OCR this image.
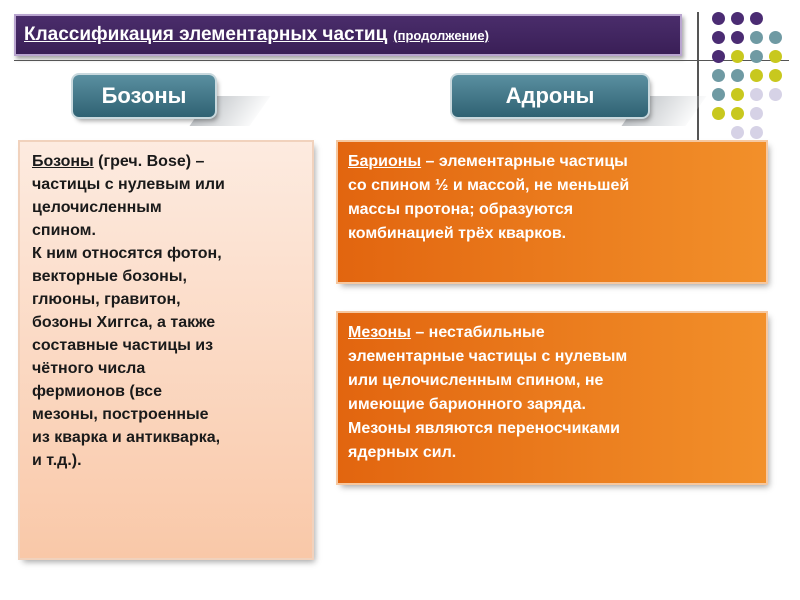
Классификация элементарных частиц (продолжение)
Бозоны	Адроны
Бозоны (греч. Bose) –
частицы с нулевым или
целочисленным
спином.
К ним относятся фотон,
векторные бозоны,
глюоны, гравитон,
бозоны Хиггса, а также
составные частицы из
чётного числа
фермионов (все
мезоны, построенные
из кварка и антикварка,
и т.д.).
Барионы – элементарные частицы
со спином ½ и массой, не меньшей
массы протона; образуются
комбинацией трёх кварков.
Мезоны – нестабильные
элементарные частицы с нулевым
или целочисленным спином, не
имеющие барионного заряда.
Мезоны являются переносчиками
ядерных сил.
